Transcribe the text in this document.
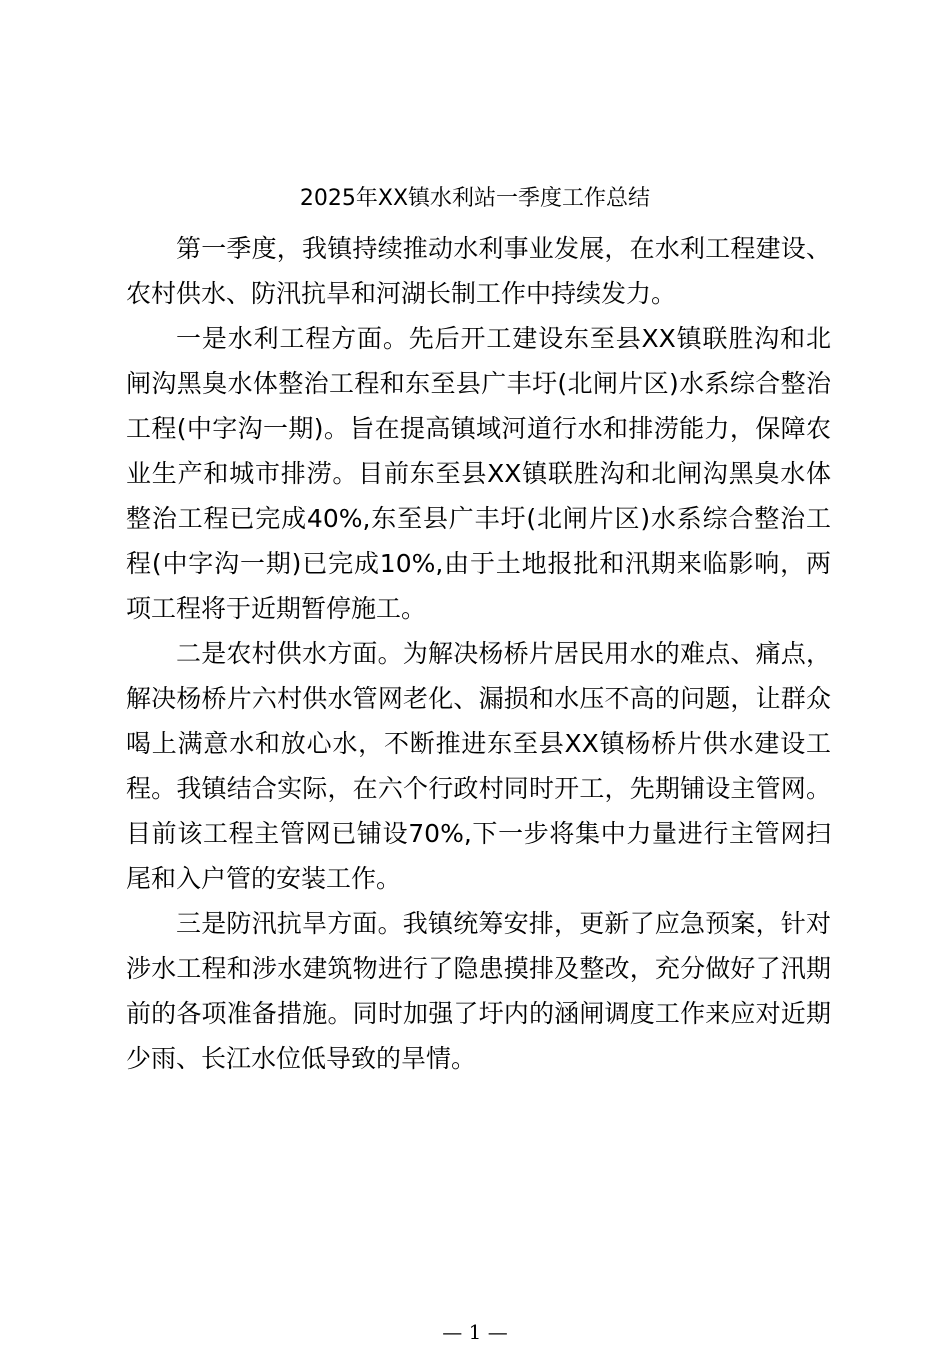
2025年XX镇水利站一季度工作总结

第一季度，我镇持续推动水利事业发展，在水利工程建设、农村供水、防汛抗旱和河湖长制工作中持续发力。

一是水利工程方面。先后开工建设东至县XX镇联胜沟和北闸沟黑臭水体整治工程和东至县广丰圩(北闸片区)水系综合整治工程(中字沟一期)。旨在提高镇域河道行水和排涝能力，保障农业生产和城市排涝。目前东至县XX镇联胜沟和北闸沟黑臭水体整治工程已完成40%,东至县广丰圩(北闸片区)水系综合整治工程(中字沟一期)已完成10%,由于土地报批和汛期来临影响，两项工程将于近期暂停施工。

二是农村供水方面。为解决杨桥片居民用水的难点、痛点，解决杨桥片六村供水管网老化、漏损和水压不高的问题，让群众喝上满意水和放心水，不断推进东至县XX镇杨桥片供水建设工程。我镇结合实际，在六个行政村同时开工，先期铺设主管网。目前该工程主管网已铺设70%,下一步将集中力量进行主管网扫尾和入户管的安装工作。

三是防汛抗旱方面。我镇统筹安排，更新了应急预案，针对涉水工程和涉水建筑物进行了隐患摸排及整改，充分做好了汛期前的各项准备措施。同时加强了圩内的涵闸调度工作来应对近期少雨、长江水位低导致的旱情。

— 1 —
